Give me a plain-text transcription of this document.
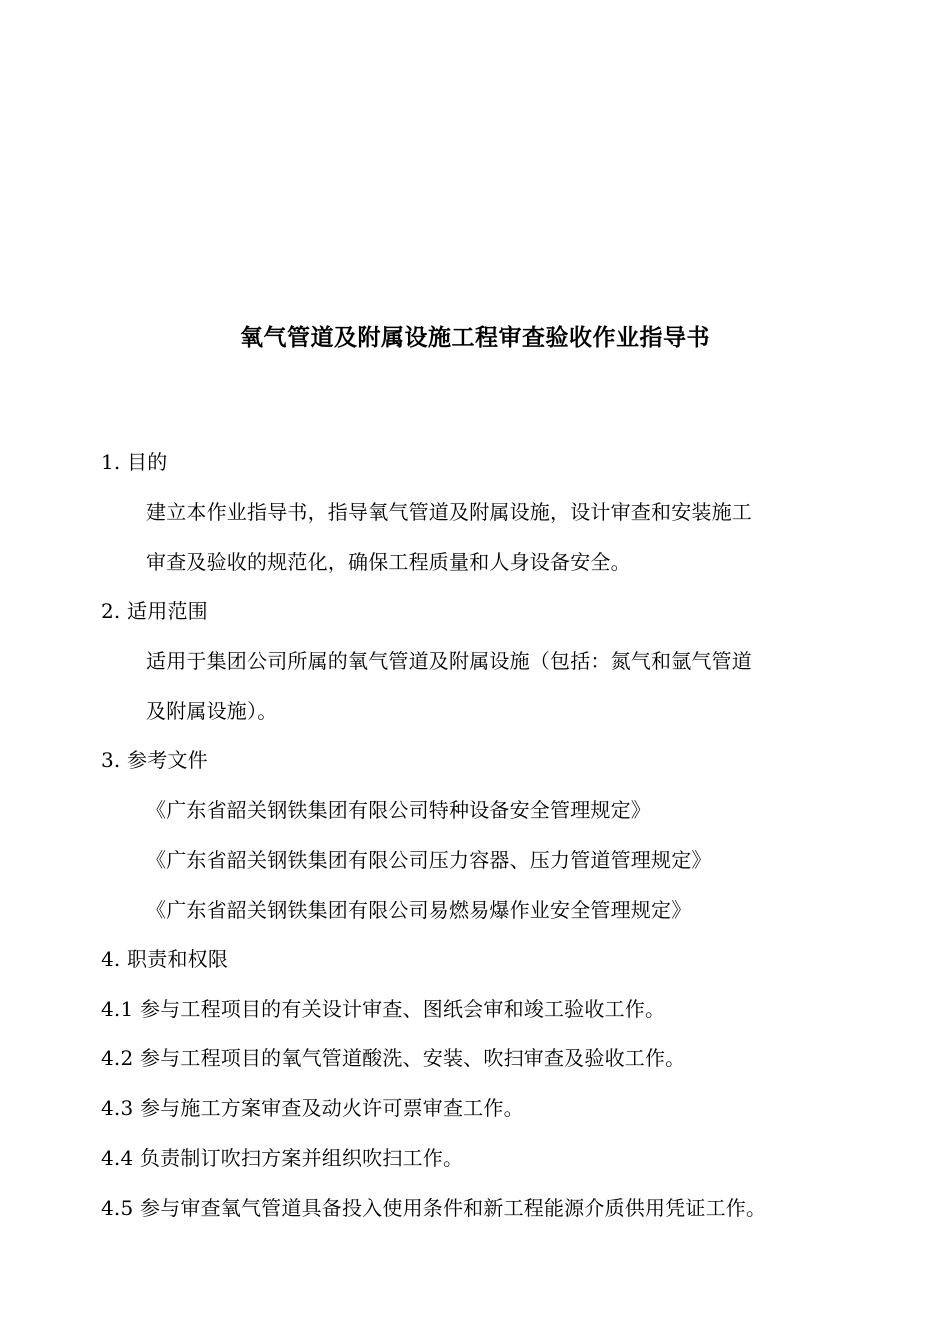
氧气管道及附属设施工程审查验收作业指导书
1. 目的
建立本作业指导书，指导氧气管道及附属设施，设计审查和安装施工
审查及验收的规范化，确保工程质量和人身设备安全。
2. 适用范围
适用于集团公司所属的氧气管道及附属设施（包括：氮气和氩气管道
及附属设施）。
3. 参考文件
《广东省韶关钢铁集团有限公司特种设备安全管理规定》
《广东省韶关钢铁集团有限公司压力容器、压力管道管理规定》
《广东省韶关钢铁集团有限公司易燃易爆作业安全管理规定》
4. 职责和权限
4.1 参与工程项目的有关设计审查、图纸会审和竣工验收工作。
4.2 参与工程项目的氧气管道酸洗、安装、吹扫审查及验收工作。
4.3 参与施工方案审查及动火许可票审查工作。
4.4 负责制订吹扫方案并组织吹扫工作。
4.5 参与审查氧气管道具备投入使用条件和新工程能源介质供用凭证工作。
